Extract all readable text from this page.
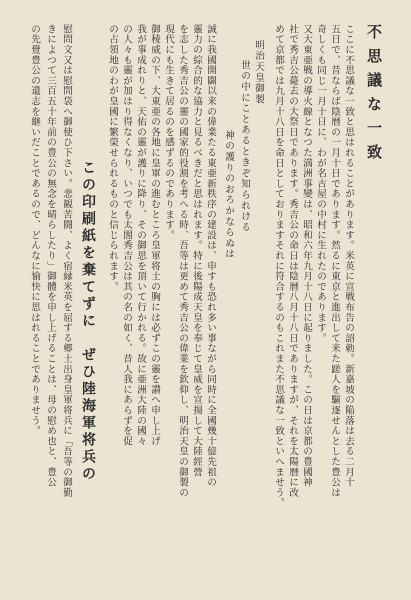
不思議な一致
ここに不思議な一致と思はれることがあります。米英に宣戦布告の詔勅。新嘉坡の陥落は去る二月十
五日で、昔ならば陰暦の一月十日であります。然るに東京と進出して来た蹉人を驅逐せんとした豊公は
奇しくも同じ一月十日に、わが名古屋の中村に生れたのであります。
又大東亜戦の導火線となつた満洲事變は、昭和六年九月十八日に起りました。この日は京都の豊國神
社で秀吉公薨去の大祭日であります。秀吉公の命日は陰暦八月十八日でありますが、それを太陽暦に改
めて京都では九月十八日を命日としておりますそれに符合するのもこれまた不思議な一致といへませう。
明治天皇御製
世の中にことあるときぞ知られける
神の護りのおろかならぬは
誠に我國開闢以来の偉業たる東亜新秩序の建設は、申すも恐れ多い事ながら同時に全國幾十億先祖の
靈力の綜合的な協力と見るべきだと思はれます。特に後陽成天皇を奉じて皇威を宣揚して大陸經營
を志した秀吉公の靈の國家的役割を考へる時、吾等は更めて秀吉公の偉業を欽仰し、明治天皇の御製の
現代にも生きて居るのを感ずるのであります。
御稜威の下、大東亜の各地に皇軍の進むところ皇軍将士の胸には必ずこの靈を讃へ申し上げ
我が事成れりと、天佑の靈が護りに降り、その御思を頂いて行かれる。故に亜洲大陸の國々
の人々も靈が加はり得なくなり、いつでも太閤秀吉公は其の名の如く、昔人我にあらずを促
の占領地のわが皇國に繁榮せられるものと信じられます。
この印刷紙を棄てずに　ぜひ陸海軍将兵の
慰問文又は慰問袋へ御使ひ下さい。悲観苦闘、よく宿縁米英を屈する郷土出身皇軍将兵に「吾等の御勤
きによつて三百五十年前の豊公の無念を晴らしたり」御體を申し上げることは、母の慰め也と、豊公
の先覺豊公の遺志を継いだことであるので、どんなに愉快に思はれることでありませう。
